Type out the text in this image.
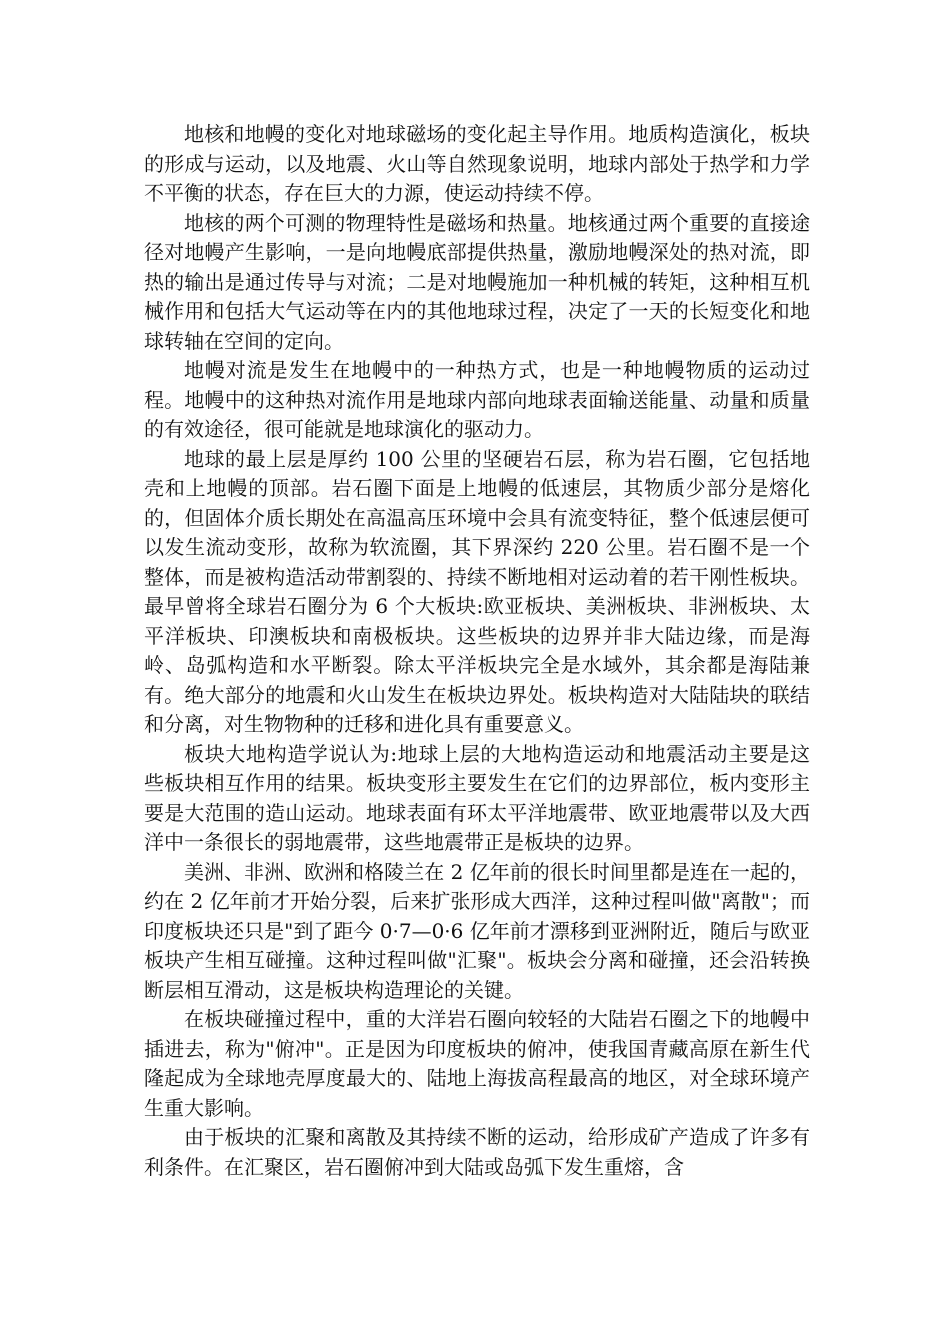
地核和地幔的变化对地球磁场的变化起主导作用。地质构造演化，板块的形成与运动，以及地震、火山等自然现象说明，地球内部处于热学和力学不平衡的状态，存在巨大的力源，使运动持续不停。

地核的两个可测的物理特性是磁场和热量。地核通过两个重要的直接途径对地幔产生影响，一是向地幔底部提供热量，激励地幔深处的热对流，即热的输出是通过传导与对流；二是对地幔施加一种机械的转矩，这种相互机械作用和包括大气运动等在内的其他地球过程，决定了一天的长短变化和地球转轴在空间的定向。

地幔对流是发生在地幔中的一种热方式，也是一种地幔物质的运动过程。地幔中的这种热对流作用是地球内部向地球表面输送能量、动量和质量的有效途径，很可能就是地球演化的驱动力。

地球的最上层是厚约 100 公里的坚硬岩石层，称为岩石圈，它包括地壳和上地幔的顶部。岩石圈下面是上地幔的低速层，其物质少部分是熔化的，但固体介质长期处在高温高压环境中会具有流变特征，整个低速层便可以发生流动变形，故称为软流圈，其下界深约 220 公里。岩石圈不是一个整体，而是被构造活动带割裂的、持续不断地相对运动着的若干刚性板块。最早曾将全球岩石圈分为 6 个大板块:欧亚板块、美洲板块、非洲板块、太平洋板块、印澳板块和南极板块。这些板块的边界并非大陆边缘，而是海岭、岛弧构造和水平断裂。除太平洋板块完全是水域外，其余都是海陆兼有。绝大部分的地震和火山发生在板块边界处。板块构造对大陆陆块的联结和分离，对生物物种的迁移和进化具有重要意义。

板块大地构造学说认为:地球上层的大地构造运动和地震活动主要是这些板块相互作用的结果。板块变形主要发生在它们的边界部位，板内变形主要是大范围的造山运动。地球表面有环太平洋地震带、欧亚地震带以及大西洋中一条很长的弱地震带，这些地震带正是板块的边界。

美洲、非洲、欧洲和格陵兰在 2 亿年前的很长时间里都是连在一起的，约在 2 亿年前才开始分裂，后来扩张形成大西洋，这种过程叫做"离散"；而印度板块还只是"到了距今 0·7—0·6 亿年前才漂移到亚洲附近，随后与欧亚板块产生相互碰撞。这种过程叫做"汇聚"。板块会分离和碰撞，还会沿转换断层相互滑动，这是板块构造理论的关键。

在板块碰撞过程中，重的大洋岩石圈向较轻的大陆岩石圈之下的地幔中插进去，称为"俯冲"。正是因为印度板块的俯冲，使我国青藏高原在新生代隆起成为全球地壳厚度最大的、陆地上海拔高程最高的地区，对全球环境产生重大影响。

由于板块的汇聚和离散及其持续不断的运动，给形成矿产造成了许多有利条件。在汇聚区，岩石圈俯冲到大陆或岛弧下发生重熔，含
